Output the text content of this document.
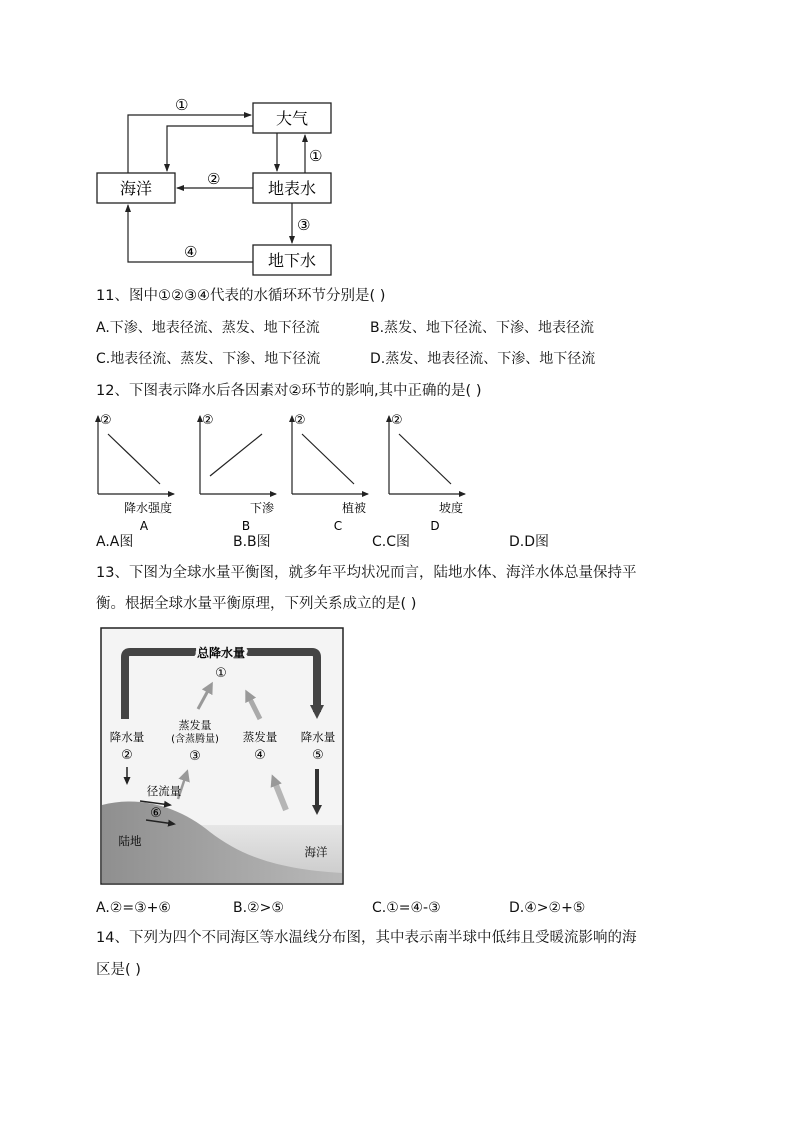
大气
海洋	地表水
地下水
①
①
②
③
④
11、图中①②③④代表的水循环环节分别是( )
A.下渗、地表径流、蒸发、地下径流	B.蒸发、地下径流、下渗、地表径流
C.地表径流、蒸发、下渗、地下径流	D.蒸发、地表径流、下渗、地下径流
12、下图表示降水后各因素对②环节的影响,其中正确的是( )
②
降水强度
A
②
下渗
B
②
植被
C
②
坡度
D
A.A图	B.B图	C.C图	D.D图
13、下图为全球水量平衡图，就多年平均状况而言，陆地水体、海洋水体总量保持平
衡。根据全球水量平衡原理，下列关系成立的是( )
总降水量
①
降水量
②
蒸发量
(含蒸腾量)
③
蒸发量
④
降水量
⑤
径流量
⑥
陆地
海洋
A.②=③+⑥	B.②>⑤	C.①=④-③	D.④>②+⑤
14、下列为四个不同海区等水温线分布图，其中表示南半球中低纬且受暖流影响的海
区是( )
